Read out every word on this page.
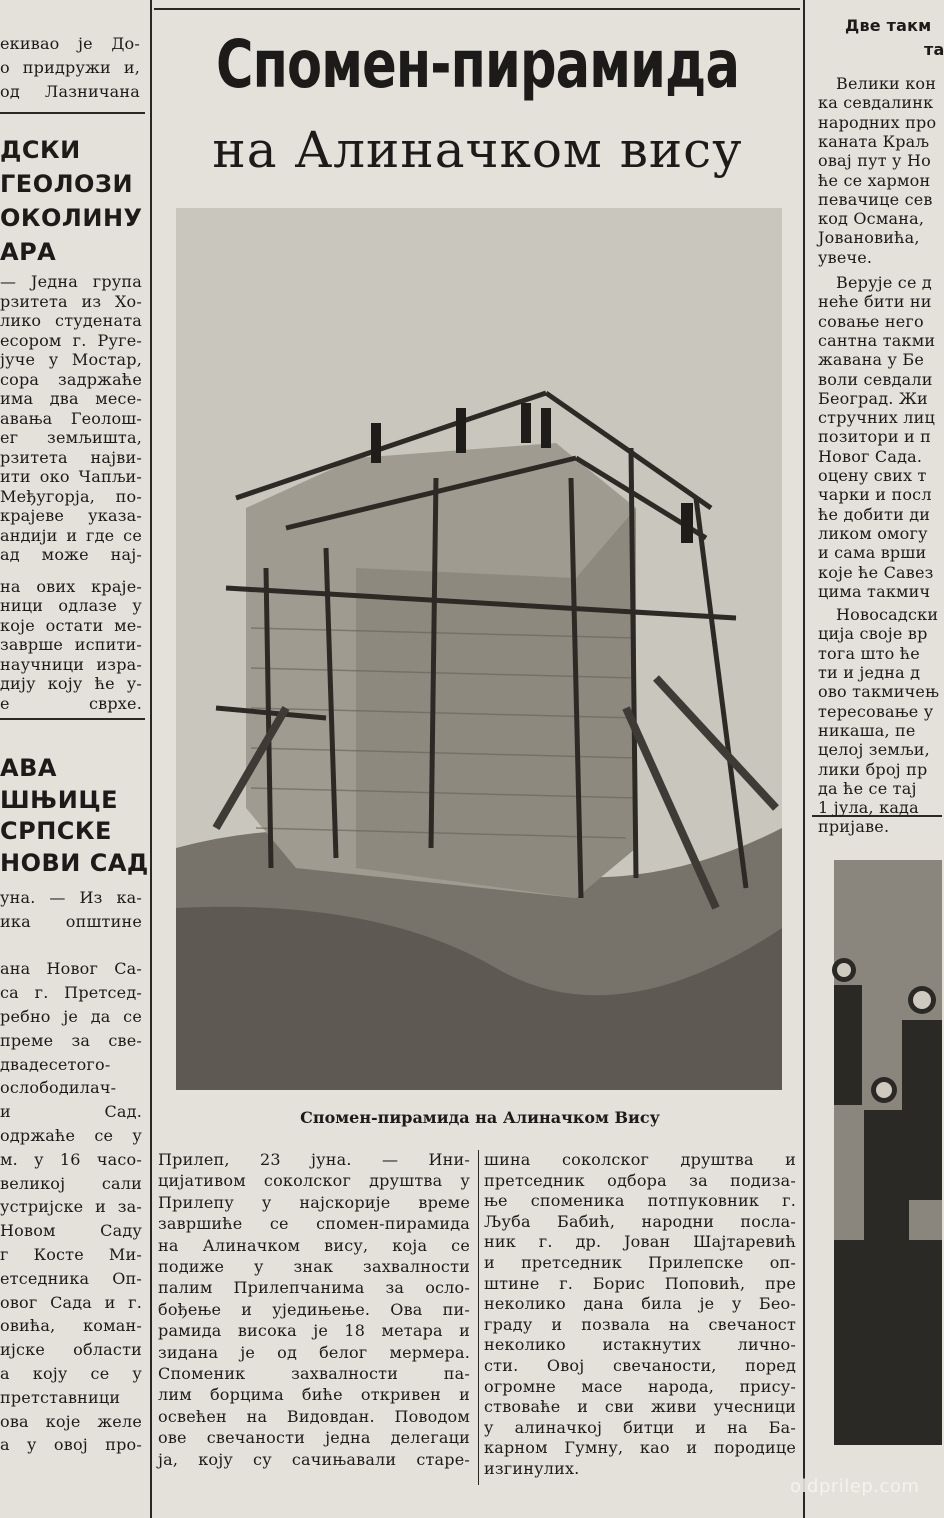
екивао је До-
о придружи и,
од Лазничана
ДСКИ
ГЕОЛОЗИ
ОКОЛИНУ
АРА
— Једна група
рзитета из Хо-
лико студената
есором г. Руге-
јуче у Мостар,
сора задржаће
има два месе-
авања Геолош-
ег земљишта,
рзитета најви-
ити око Чапљи-
Међугорја, по-
крајеве указа-
андији и где се
ад може нај-
на ових краје-
ници одлазе у
које остати ме-
заврше испити-
научници изра-
дију коју ће у-
е сврхе.
АВА
ШЊИЦЕ
СРПСКЕ
НОВИ САД
уна. — Из ка-
ика општине
ана Новог Са-
са г. Претсед-
ребно је да се
преме за све-
двадесетого-
ослободилач-
и Сад.
одржаће се у
м. у 16 часо-
великој сали
устријске и за-
Новом Саду
г Косте Ми-
етседника Оп-
овог Сада и г.
овића, коман-
ијске области
а коју се у
претставници
ова које желе
а у овој про-
Спомен-пирамида
на Алиначком вису
Спомен-пирамида на Алиначком Вису
Прилеп, 23 јуна. — Ини-
цијативом соколског друштва у
Прилепу у најскорије време
завршиће се спомен-пирамида
на Алиначком вису, која се
подиже у знак захвалности
палим Прилепчанима за осло-
бођење и уједињење. Ова пи-
рамида висока је 18 метара и
зидана је од белог мермера.
Споменик захвалности па-
лим борцима биће откривен и
освећен на Видовдан. Поводом
ове свечаности једна делегаци
ја, коју су сачињавали старе-
шина соколског друштва и
претседник одбора за подиза-
ње споменика потпуковник г.
Љуба Бабић, народни посла-
ник г. др. Јован Шајтаревић
и претседник Прилепске оп-
штине г. Борис Поповић, пре
неколико дана била је у Бео-
граду и позвала на свечаност
неколико истакнутих личнo-
сти. Овој свечаности, поред
огромне масе народа, прису-
ствоваће и сви живи учесници
у алиначкој битци и на Ба-
карном Гумну, као и породице
изгинулих.
Две такм
та
Велики кон
ка севдалинк
народних про
каната Краљ
овај пут у Но
ће се хармон
певачице сев
код Османа,
Јовановића,
увече.
Верује се д
неће бити ни
совање него
сантна такми
жавана у Бе
воли севдали
Београд. Жи
стручних лиц
позитори и п
Новог Сада.
оцену свих т
чарки и посл
ће добити ди
ликом омогу
и сама врши
које ће Савез
цима такмич
Новосадски
ција своје вр
тога што ће
ти и једна д
ово такмичењ
тересовање у
никаша, пе
целој земљи,
лики број пр
да ће се тај
1 јула, када
пријаве.
oldprilep.com
